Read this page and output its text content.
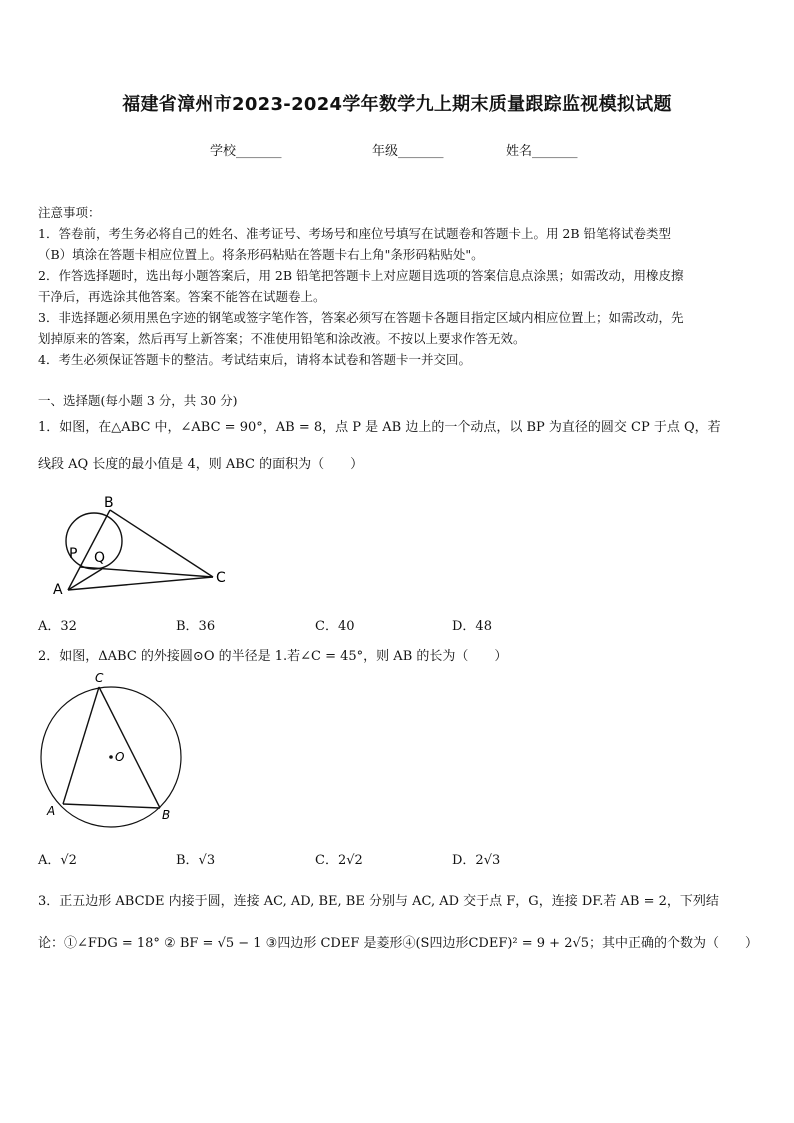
福建省漳州市2023-2024学年数学九上期末质量跟踪监视模拟试题
学校_______	年级_______	姓名_______
注意事项：
1．答卷前，考生务必将自己的姓名、准考证号、考场号和座位号填写在试题卷和答题卡上。用 2B 铅笔将试卷类型
（B）填涂在答题卡相应位置上。将条形码粘贴在答题卡右上角"条形码粘贴处"。
2．作答选择题时，选出每小题答案后，用 2B 铅笔把答题卡上对应题目选项的答案信息点涂黑；如需改动，用橡皮擦
干净后，再选涂其他答案。答案不能答在试题卷上。
3．非选择题必须用黑色字迹的钢笔或签字笔作答，答案必须写在答题卡各题目指定区域内相应位置上；如需改动，先
划掉原来的答案，然后再写上新答案；不准使用铅笔和涂改液。不按以上要求作答无效。
4．考生必须保证答题卡的整洁。考试结束后，请将本试卷和答题卡一并交回。
一、选择题(每小题 3 分，共 30 分)
1．如图，在△ABC 中，∠ABC = 90°，AB = 8，点 P 是 AB 边上的一个动点，以 BP 为直径的圆交 CP 于点 Q，若
线段 AQ 长度的最小值是 4，则 ABC 的面积为（　　）
B
P Q
A
C
A．32	B．36	C．40	D．48
2．如图，ΔABC 的外接圆⊙O 的半径是 1.若∠C = 45°，则 AB 的长为（　　）
C
O
A	B
A．√2	B．√3	C．2√2	D．2√3
3．正五边形 ABCDE 内接于圆，连接 AC, AD, BE, BE 分别与 AC, AD 交于点 F，G，连接 DF.若 AB = 2，下列结
论：①∠FDG = 18° ② BF = √5 − 1 ③四边形 CDEF 是菱形④(S四边形CDEF)² = 9 + 2√5；其中正确的个数为（　　）
